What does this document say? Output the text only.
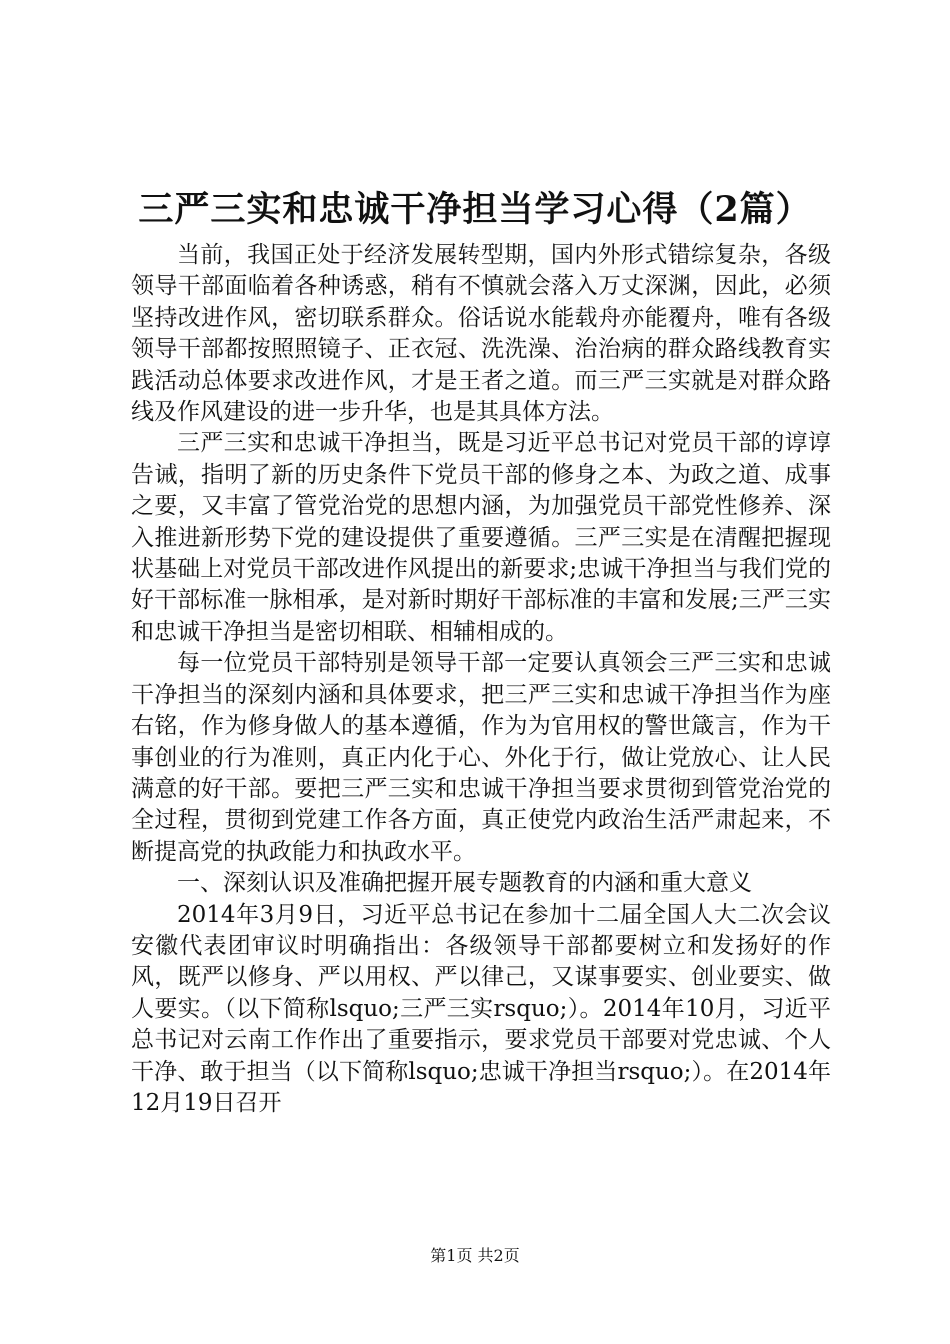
三严三实和忠诚干净担当学习心得（2篇）

当前，我国正处于经济发展转型期，国内外形式错综复杂，各级领导干部面临着各种诱惑，稍有不慎就会落入万丈深渊，因此，必须坚持改进作风，密切联系群众。俗话说水能载舟亦能覆舟，唯有各级领导干部都按照照镜子、正衣冠、洗洗澡、治治病的群众路线教育实践活动总体要求改进作风，才是王者之道。而三严三实就是对群众路线及作风建设的进一步升华，也是其具体方法。

三严三实和忠诚干净担当，既是习近平总书记对党员干部的谆谆告诫，指明了新的历史条件下党员干部的修身之本、为政之道、成事之要，又丰富了管党治党的思想内涵，为加强党员干部党性修养、深入推进新形势下党的建设提供了重要遵循。三严三实是在清醒把握现状基础上对党员干部改进作风提出的新要求;忠诚干净担当与我们党的好干部标准一脉相承，是对新时期好干部标准的丰富和发展;三严三实和忠诚干净担当是密切相联、相辅相成的。

每一位党员干部特别是领导干部一定要认真领会三严三实和忠诚干净担当的深刻内涵和具体要求，把三严三实和忠诚干净担当作为座右铭，作为修身做人的基本遵循，作为为官用权的警世箴言，作为干事创业的行为准则，真正内化于心、外化于行，做让党放心、让人民满意的好干部。要把三严三实和忠诚干净担当要求贯彻到管党治党的全过程，贯彻到党建工作各方面，真正使党内政治生活严肃起来，不断提高党的执政能力和执政水平。

一、深刻认识及准确把握开展专题教育的内涵和重大意义

2014年3月9日，习近平总书记在参加十二届全国人大二次会议安徽代表团审议时明确指出：各级领导干部都要树立和发扬好的作风，既严以修身、严以用权、严以律己，又谋事要实、创业要实、做人要实。（以下简称lsquo;三严三实rsquo;）。2014年10月，习近平总书记对云南工作作出了重要指示，要求党员干部要对党忠诚、个人干净、敢于担当（以下简称lsquo;忠诚干净担当rsquo;）。在2014年12月19日召开

第1页 共2页
